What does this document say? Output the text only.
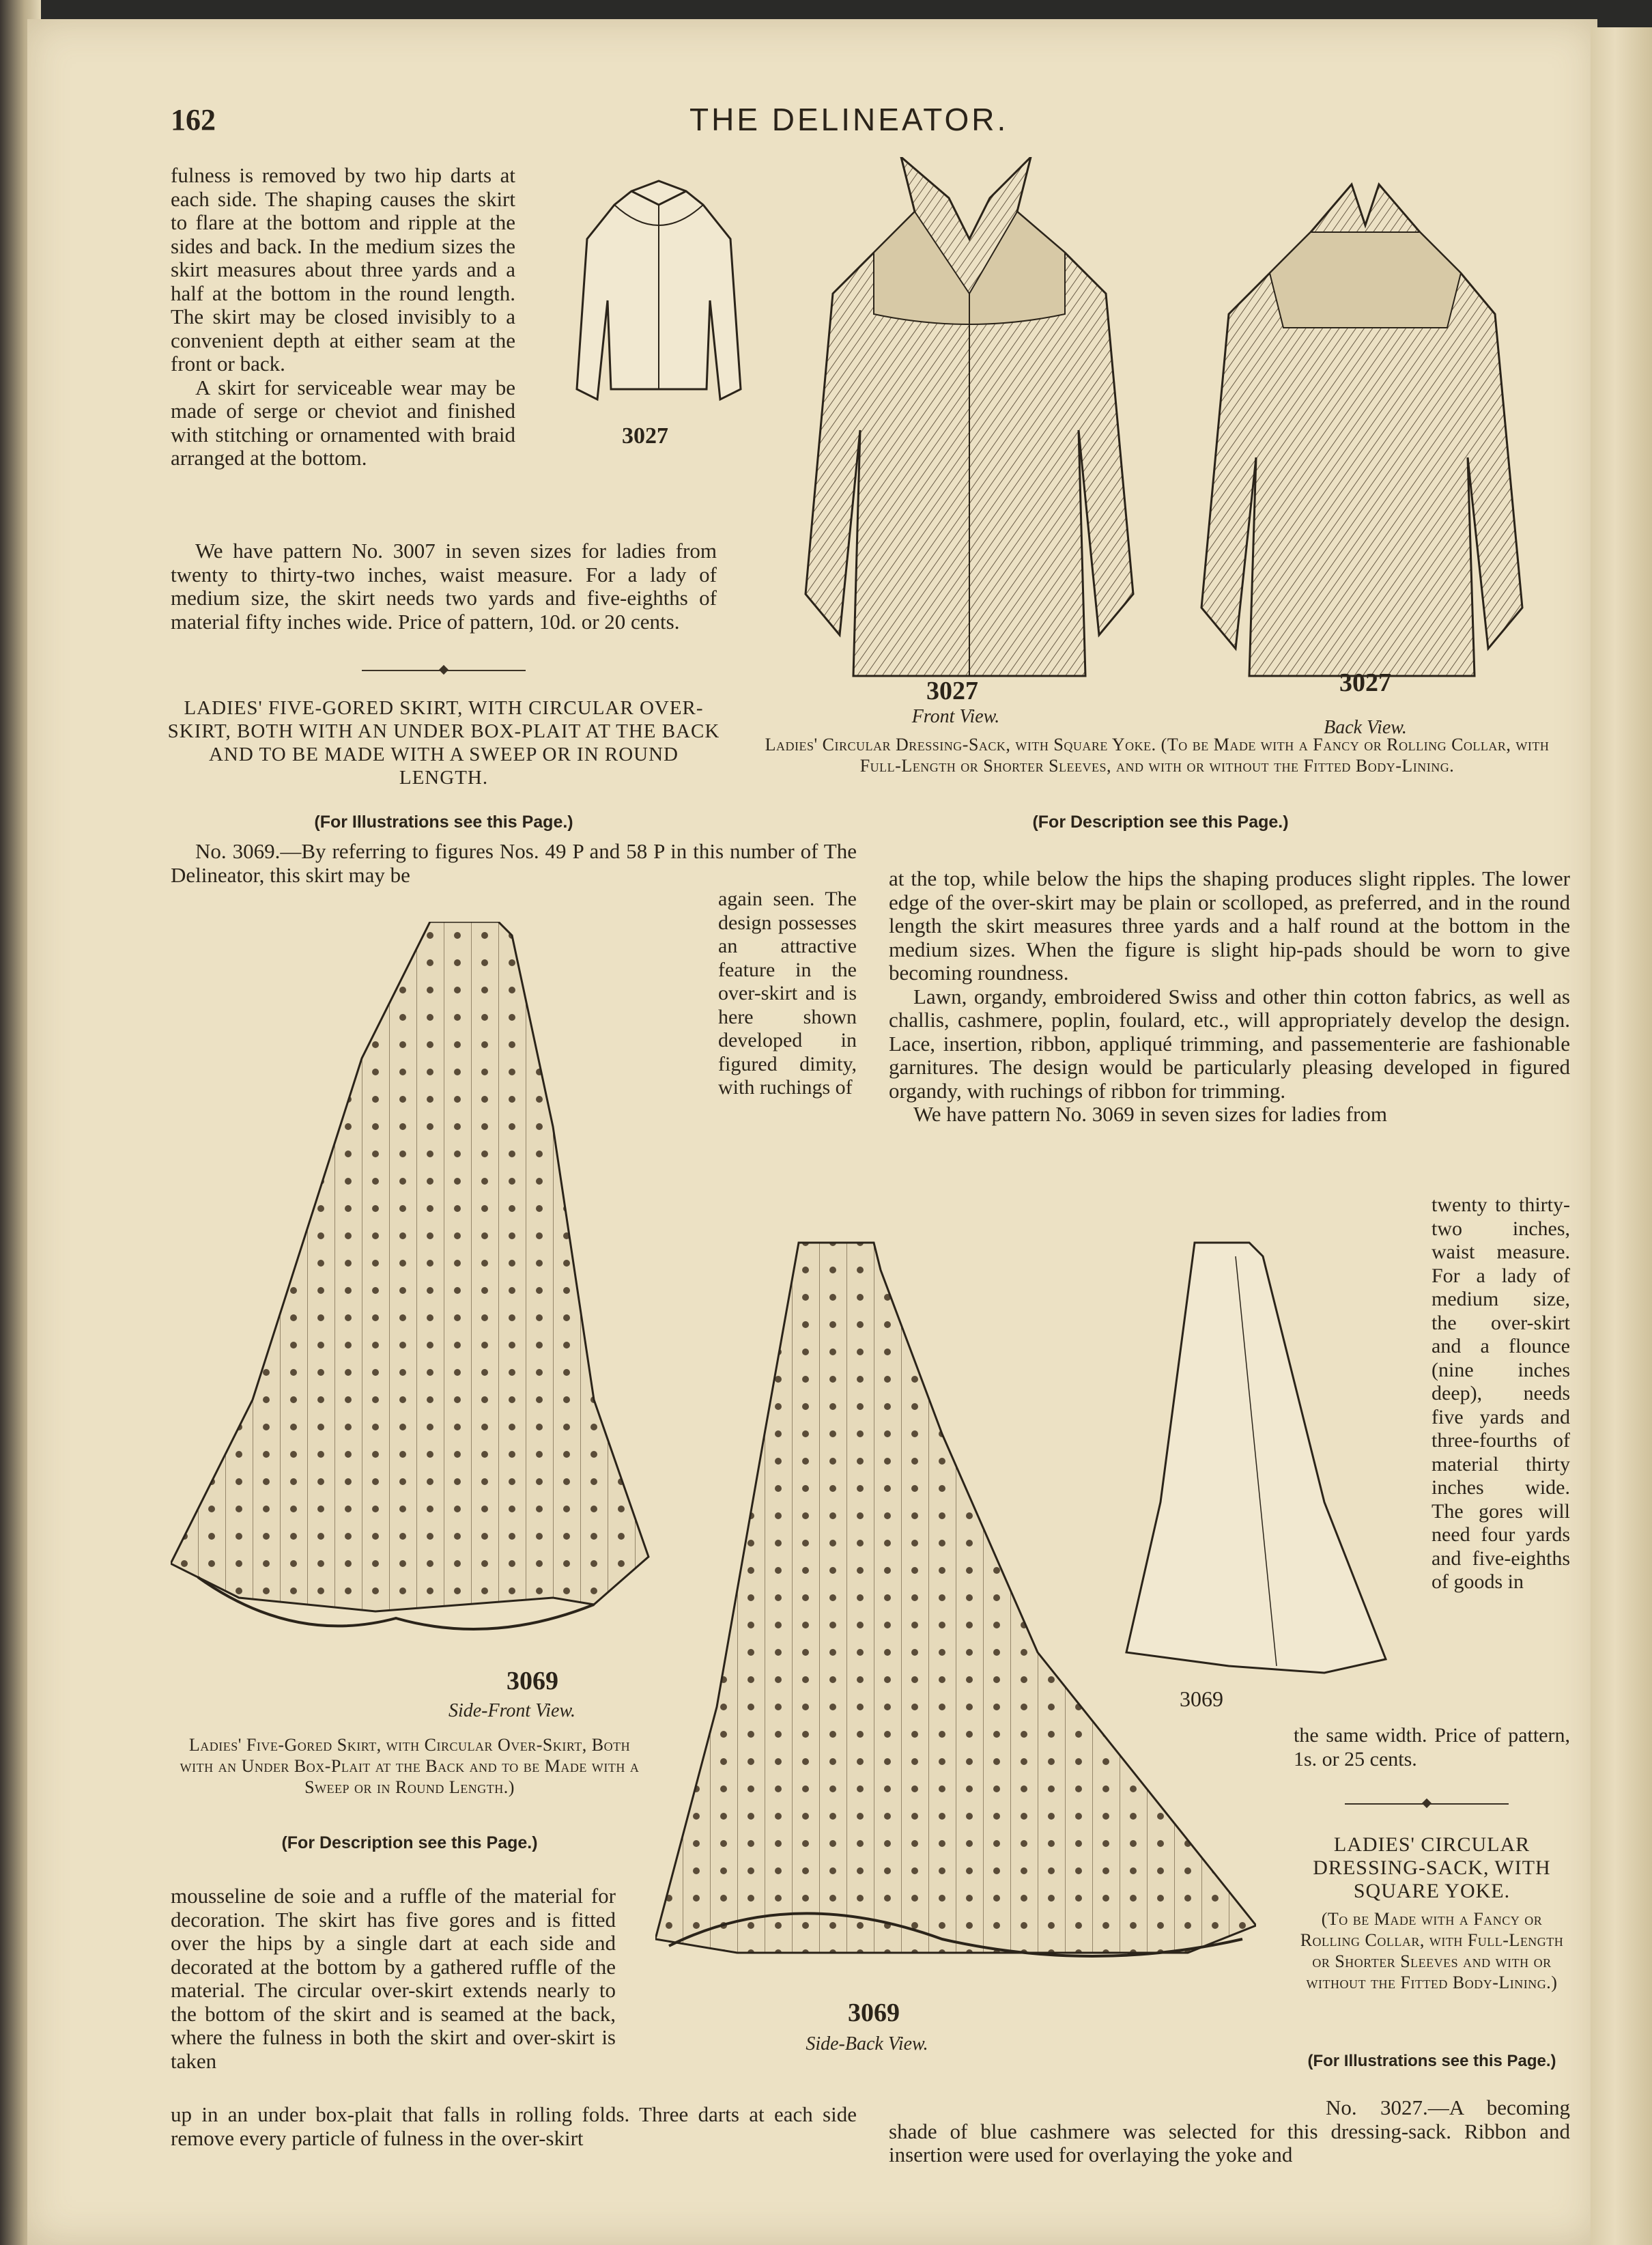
162	THE DELINEATOR.

fulness is removed by two hip darts at each side. The shaping causes the skirt to flare at the bottom and ripple at the sides and back. In the medium sizes the skirt measures about three yards and a half at the bottom in the round length. The skirt may be closed invisibly to a convenient depth at either seam at the front or back.

A skirt for serviceable wear may be made of serge or cheviot and finished with stitching or ornamented with braid arranged at the bottom.

We have pattern No. 3007 in seven sizes for ladies from twenty to thirty-two inches, waist measure. For a lady of medium size, the skirt needs two yards and five-eighths of material fifty inches wide. Price of pattern, 10d. or 20 cents.

LADIES' FIVE-GORED SKIRT, WITH CIRCULAR OVER-SKIRT, BOTH WITH AN UNDER BOX-PLAIT AT THE BACK AND TO BE MADE WITH A SWEEP OR IN ROUND LENGTH.
(For Illustrations see this Page.)

No. 3069.—By referring to figures Nos. 49 P and 58 P in this number of The Delineator, this skirt may be

again seen. The design possesses an attractive feature in the over-skirt and is here shown developed in figured dimity, with ruchings of

3027
3027
Front View.
3027
Back View.
Ladies' Circular Dressing-Sack, with Square Yoke. (To be Made with a Fancy or Rolling Collar, with Full-Length or Shorter Sleeves, and with or without the Fitted Body-Lining.
(For Description see this Page.)

at the top, while below the hips the shaping produces slight ripples. The lower edge of the over-skirt may be plain or scolloped, as preferred, and in the round length the skirt measures three yards and a half round at the bottom in the medium sizes. When the figure is slight hip-pads should be worn to give becoming roundness.

Lawn, organdy, embroidered Swiss and other thin cotton fabrics, as well as challis, cashmere, poplin, foulard, etc., will appropriately develop the design. Lace, insertion, ribbon, appliqué trimming, and passementerie are fashionable garnitures. The design would be particularly pleasing developed in figured organdy, with ruchings of ribbon for trimming.

We have pattern No. 3069 in seven sizes for ladies from

twenty to thirty-two inches, waist measure. For a lady of medium size, the over-skirt and a flounce (nine inches deep), needs five yards and three-fourths of material thirty inches wide. The gores will need four yards and five-eighths of goods in

the same width. Price of pattern, 1s. or 25 cents.

3069
Side-Front View.
Ladies' Five-Gored Skirt, with Circular Over-Skirt, Both with an Under Box-Plait at the Back and to be Made with a Sweep or in Round Length.)
(For Description see this Page.)
3069
Side-Back View.
3069

mousseline de soie and a ruffle of the material for decoration. The skirt has five gores and is fitted over the hips by a single dart at each side and decorated at the bottom by a gathered ruffle of the material. The circular over-skirt extends nearly to the bottom of the skirt and is seamed at the back, where the fulness in both the skirt and over-skirt is taken

up in an under box-plait that falls in rolling folds. Three darts at each side remove every particle of fulness in the over-skirt

LADIES' CIRCULAR DRESSING-SACK, WITH SQUARE YOKE.
(To be Made with a Fancy or Rolling Collar, with Full-Length or Shorter Sleeves and with or without the Fitted Body-Lining.)
(For Illustrations see this Page.)

No. 3027.—A becoming shade of blue cashmere was selected for this dressing-sack. Ribbon and insertion were used for overlaying the yoke and
